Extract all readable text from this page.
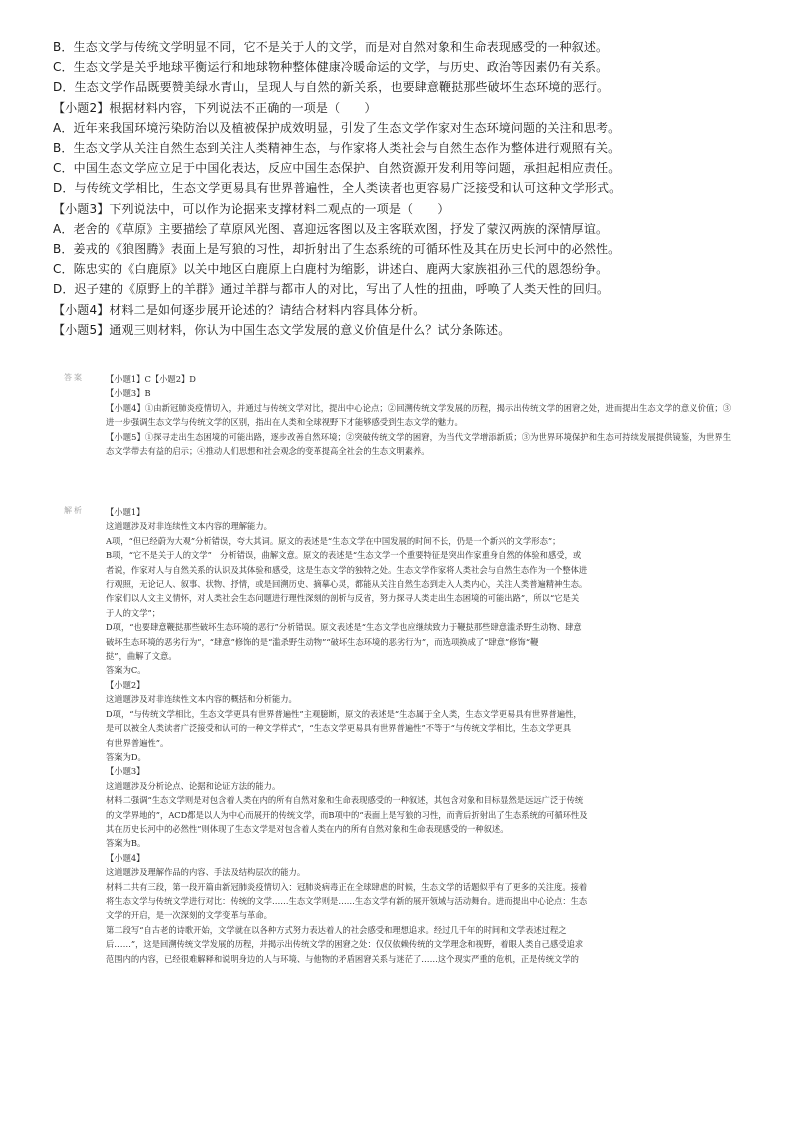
B．生态文学与传统文学明显不同，它不是关于人的文学，而是对自然对象和生命表现感受的一种叙述。
C．生态文学是关乎地球平衡运行和地球物种整体健康冷暖命运的文学，与历史、政治等因素仍有关系。
D．生态文学作品既要赞美绿水青山，呈现人与自然的新关系，也要肆意鞭挞那些破坏生态环境的恶行。
【小题2】根据材料内容，下列说法不正确的一项是（　　）
A．近年来我国环境污染防治以及植被保护成效明显，引发了生态文学作家对生态环境问题的关注和思考。
B．生态文学从关注自然生态到关注人类精神生态，与作家将人类社会与自然生态作为整体进行观照有关。
C．中国生态文学应立足于中国化表达，反应中国生态保护、自然资源开发利用等问题，承担起相应责任。
D．与传统文学相比，生态文学更易具有世界普遍性，全人类读者也更容易广泛接受和认可这种文学形式。
【小题3】下列说法中，可以作为论据来支撑材料二观点的一项是（　　）
A．老舍的《草原》主要描绘了草原风光图、喜迎远客图以及主客联欢图，抒发了蒙汉两族的深情厚谊。
B．姜戎的《狼图腾》表面上是写狼的习性，却折射出了生态系统的可循环性及其在历史长河中的必然性。
C．陈忠实的《白鹿原》以关中地区白鹿原上白鹿村为缩影，讲述白、鹿两大家族祖孙三代的恩怨纷争。
D．迟子建的《原野上的羊群》通过羊群与都市人的对比，写出了人性的扭曲，呼唤了人类天性的回归。
【小题4】材料二是如何逐步展开论述的？请结合材料内容具体分析。
【小题5】通观三则材料，你认为中国生态文学发展的意义价值是什么？试分条陈述。
答案	【小题1】C【小题2】D
【小题3】B
【小题4】①由新冠肺炎疫情切入，并通过与传统文学对比，提出中心论点；②回溯传统文学发展的历程，揭示出传统文学的困窘之处，进而提出生态文学的意义价值；③进一步强调生态文学与传统文学的区别，指出在人类和全球视野下才能够感受到生态文学的魅力。
【小题5】①探寻走出生态困境的可能出路，逐步改善自然环境；②突破传统文学的困窘，为当代文学增添新质；③为世界环境保护和生态可持续发展提供镜鉴，为世界生态文学带去有益的启示；④推动人们思想和社会观念的变革提高全社会的生态文明素养。
解析	【小题1】
这道题涉及对非连续性文本内容的理解能力。
A项，“但已经蔚为大观”分析错误，夸大其词。原文的表述是“生态文学在中国发展的时间不长，仍是一个新兴的文学形态”；
B项，“它不是关于人的文学”　分析错误，曲解文意。原文的表述是“生态文学一个重要特征是突出作家重身自然的体验和感受，或
者说，作家对人与自然关系的认识及其体验和感受，这是生态文学的独特之处。生态文学作家将人类社会与自然生态作为一个整体进
行观照，无论记人、叙事、状物、抒情，或是回溯历史、摘摹心灵，都能从关注自然生态到走入人类内心，关注人类普遍精神生态。
作家们以人文主义情怀，对人类社会生态问题进行理性深刻的剖析与反省，努力探寻人类走出生态困境的可能出路”，所以“它是关
于人的文学”；
D项，“也要肆意鞭挞那些破坏生态环境的恶行”分析错误。原文表述是“生态文学也应继续致力于鞭挞那些肆意滥杀野生动物、肆意
破坏生态环境的恶劣行为”，“肆意”修饰的是“滥杀野生动物”“破坏生态环境的恶劣行为”，而选项换成了“肆意”修饰“鞭
挞”，曲解了文意。
答案为C。
【小题2】
这道题涉及对非连续性文本内容的概括和分析能力。
D项，“与传统文学相比，生态文学更具有世界普遍性”主观臆断，原文的表述是“生态属于全人类，生态文学更易具有世界普遍性，
是可以被全人类读者广泛接受和认可的一种文学样式”，“生态文学更易具有世界普遍性”不等于“与传统文学相比，生态文学更具
有世界普遍性”。
答案为D。
【小题3】
这道题涉及分析论点、论据和论证方法的能力。
材料二强调“生态文学则是对包含着人类在内的所有自然对象和生命表现感受的一种叙述，其包含对象和目标显然是远远广泛于传统
的文学界地的”，ACD都是以人为中心而展开的传统文学，而B项中的“表面上是写狼的习性，而背后折射出了生态系统的可循环性及
其在历史长河中的必然性”则体现了生态文学是对包含着人类在内的所有自然对象和生命表现感受的一种叙述。
答案为B。
【小题4】
这道题涉及理解作品的内容、手法及结构层次的能力。
材料二共有三段，第一段开篇由新冠肺炎疫情切入：冠肺炎病毒正在全球肆虐的时候，生态文学的话题似乎有了更多的关注度。接着
将生态文学与传统文学进行对比：传统的文学……生态文学则是……生态文学有新的展开领域与活动舞台。进而提出中心论点：生态
文学的开启，是一次深刻的文学变革与革命。
第二段写“自古老的诗歌开始，文学就在以各种方式努力表达着人的社会感受和理想追求。经过几千年的时间和文学表述过程之
后……”，这是回溯传统文学发展的历程，并揭示出传统文学的困窘之处：仅仅依赖传统的文学理念和视野，着眼人类自己感受追求
范围内的内容，已经很难解释和说明身边的人与环境、与他物的矛盾困窘关系与迷茫了……这个现实严重的危机，正是传统文学的
